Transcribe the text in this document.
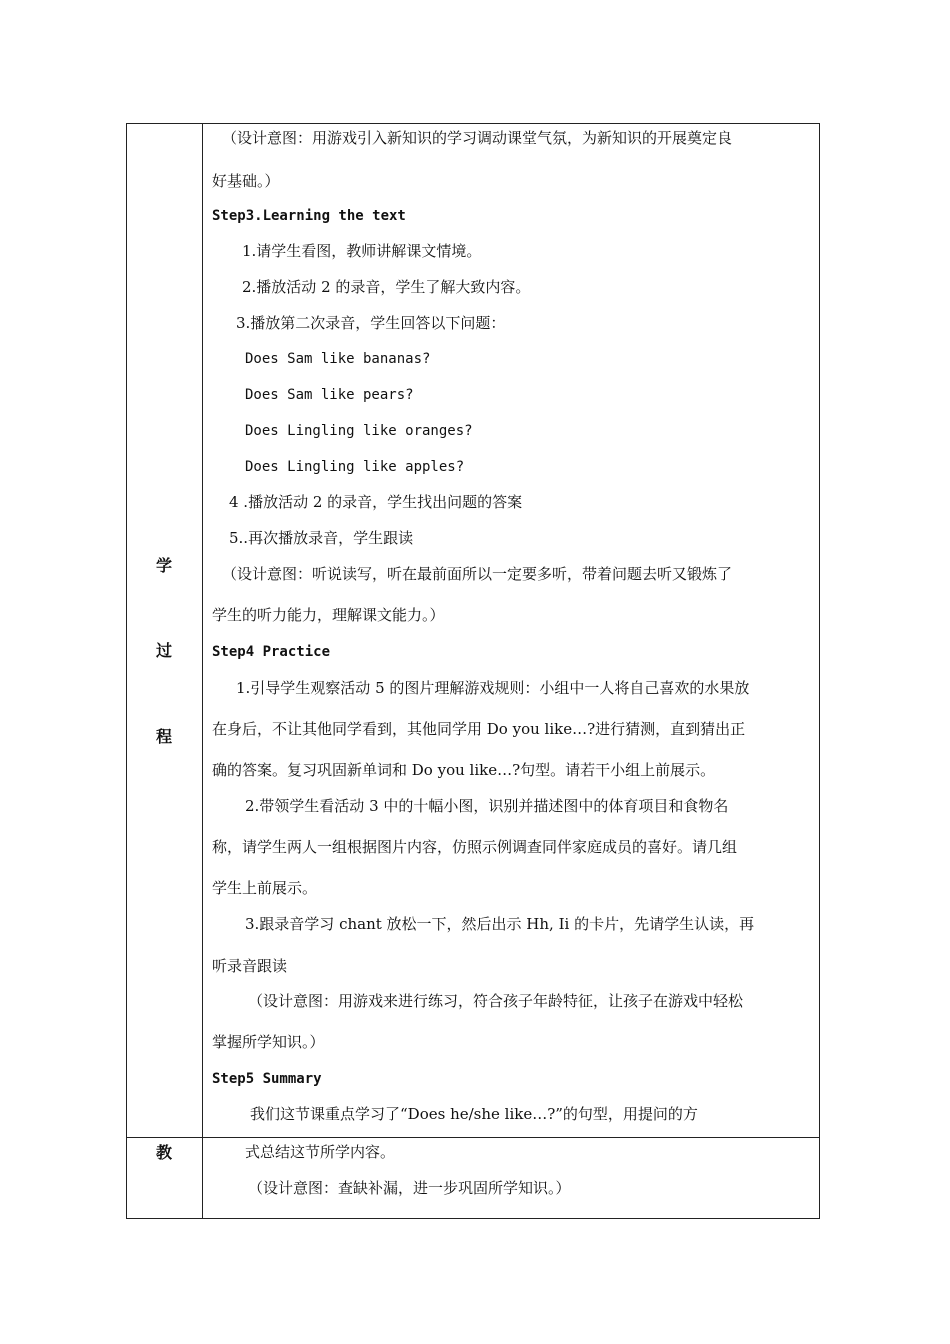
学
过
程
教
（设计意图：用游戏引入新知识的学习调动课堂气氛，为新知识的开展奠定良
好基础。）
Step3.Learning the text
1.请学生看图，教师讲解课文情境。
2.播放活动 2 的录音，学生了解大致内容。
3.播放第二次录音，学生回答以下问题：
Does Sam like bananas?
Does Sam like pears?
Does Lingling like oranges?
Does Lingling like apples?
4 .播放活动 2 的录音，学生找出问题的答案
5..再次播放录音，学生跟读
（设计意图：听说读写，听在最前面所以一定要多听，带着问题去听又锻炼了
学生的听力能力，理解课文能力。）
Step4 Practice
1.引导学生观察活动 5 的图片理解游戏规则：小组中一人将自己喜欢的水果放
在身后，不让其他同学看到，其他同学用 Do you like…?进行猜测，直到猜出正
确的答案。复习巩固新单词和 Do you like…?句型。请若干小组上前展示。
2.带领学生看活动 3 中的十幅小图，识别并描述图中的体育项目和食物名
称，请学生两人一组根据图片内容，仿照示例调查同伴家庭成员的喜好。请几组
学生上前展示。
3.跟录音学习 chant 放松一下，然后出示 Hh, Ii 的卡片，先请学生认读，再
听录音跟读
（设计意图：用游戏来进行练习，符合孩子年龄特征，让孩子在游戏中轻松
掌握所学知识。）
Step5 Summary
我们这节课重点学习了“Does he/she like…?”的句型，用提问的方
式总结这节所学内容。
（设计意图：查缺补漏，进一步巩固所学知识。）
